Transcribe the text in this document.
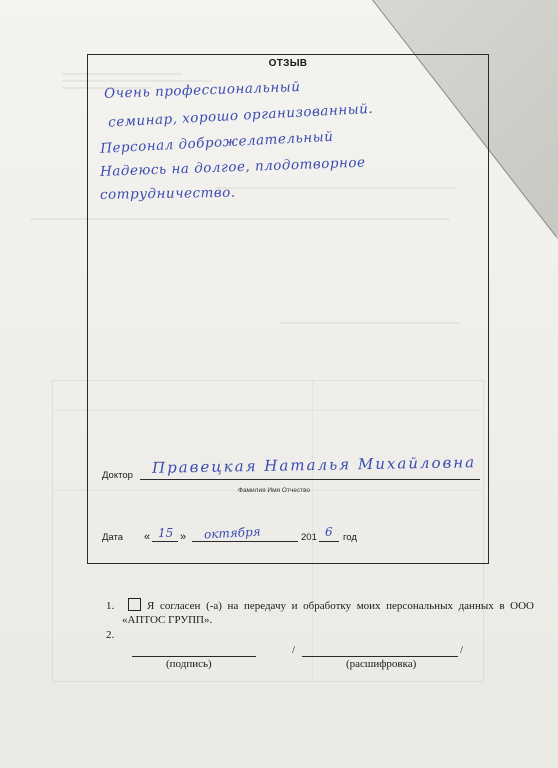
ОТЗЫВ
Очень профессиональный
семинар, хорошо организованный.
Персонал доброжелательный
Надеюсь на долгое, плодотворное
сотрудничество.
Доктор Правецкая Наталья Михайловна
Фамилия Имя Отчество
Дата « 15 » октября	201 6 год
1.	Я согласен (-а) на передачу и обработку моих персональных данных в ООО «АПТОС ГРУПП».
2.
/	/
(подпись)	(расшифровка)
